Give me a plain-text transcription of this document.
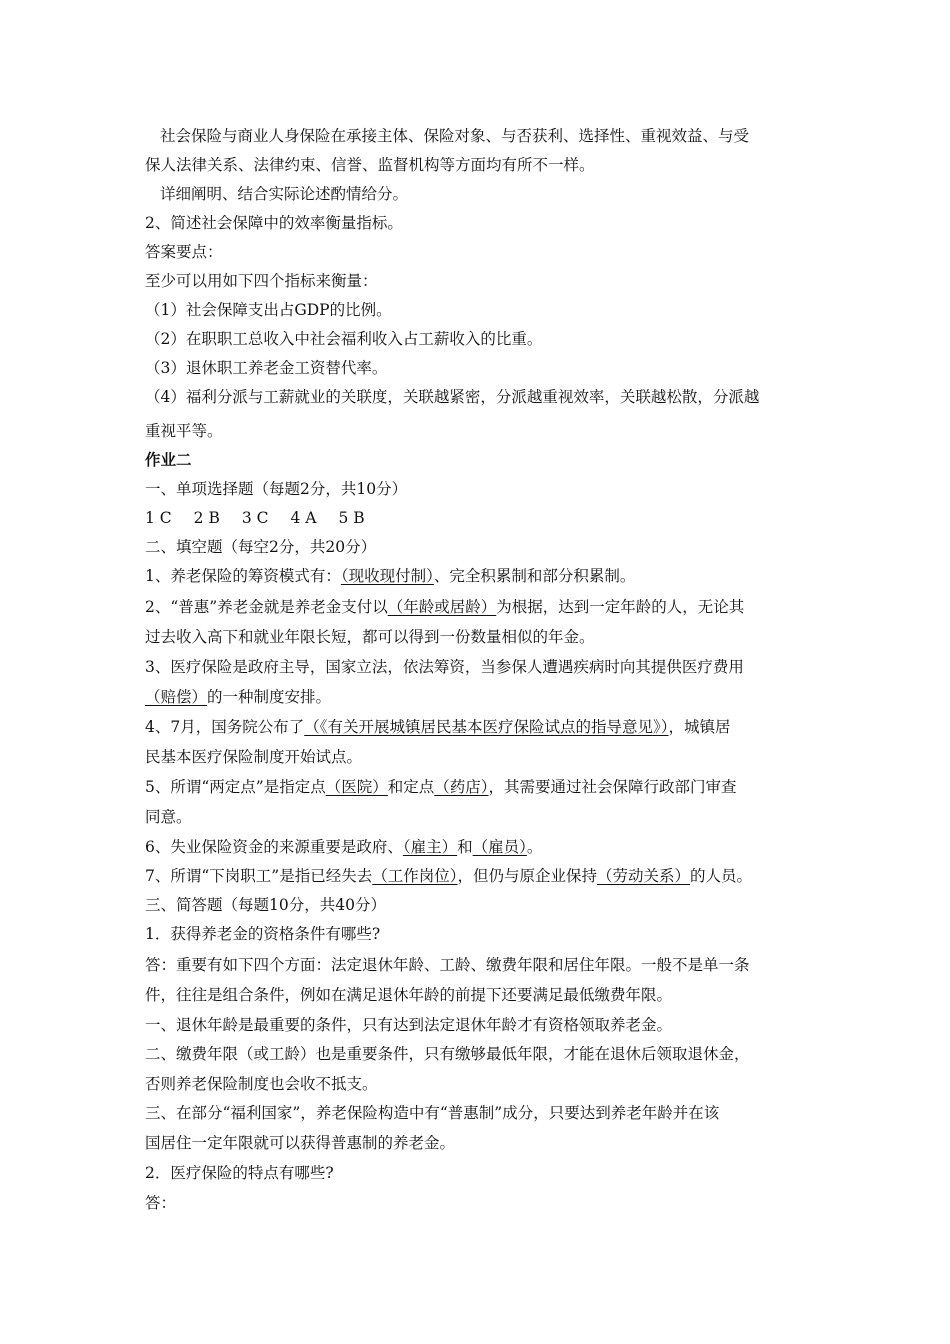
社会保险与商业人身保险在承接主体、保险对象、与否获利、选择性、重视效益、与受
保人法律关系、法律约束、信誉、监督机构等方面均有所不一样。
详细阐明、结合实际论述酌情给分。
2、简述社会保障中的效率衡量指标。
答案要点：
至少可以用如下四个指标来衡量：
（1）社会保障支出占GDP的比例。
（2）在职职工总收入中社会福利收入占工薪收入的比重。
（3）退休职工养老金工资替代率。
（4）福利分派与工薪就业的关联度，关联越紧密，分派越重视效率，关联越松散，分派越
重视平等。
作业二
一、单项选择题（每题2分，共10分）
1 C 2 B 3 C 4 A 5 B
二、填空题（每空2分，共20分）
1、养老保险的筹资模式有：（现收现付制）、完全积累制和部分积累制。
2、“普惠”养老金就是养老金支付以（年龄或居龄）为根据，达到一定年龄的人，无论其
过去收入高下和就业年限长短，都可以得到一份数量相似的年金。
3、医疗保险是政府主导，国家立法，依法筹资，当参保人遭遇疾病时向其提供医疗费用
（赔偿）的一种制度安排。
4、7月，国务院公布了（《有关开展城镇居民基本医疗保险试点的指导意见》），城镇居
民基本医疗保险制度开始试点。
5、所谓“两定点”是指定点（医院）和定点（药店），其需要通过社会保障行政部门审查
同意。
6、失业保险资金的来源重要是政府、（雇主）和（雇员）。
7、所谓“下岗职工”是指已经失去（工作岗位），但仍与原企业保持（劳动关系）的人员。
三、简答题（每题10分，共40分）
1．获得养老金的资格条件有哪些?
答：重要有如下四个方面：法定退休年龄、工龄、缴费年限和居住年限。一般不是单一条
件，往往是组合条件，例如在满足退休年龄的前提下还要满足最低缴费年限。
一、退休年龄是最重要的条件，只有达到法定退休年龄才有资格领取养老金。
二、缴费年限（或工龄）也是重要条件，只有缴够最低年限，才能在退休后领取退休金，
否则养老保险制度也会收不抵支。
三、在部分“福利国家”，养老保险构造中有“普惠制”成分，只要达到养老年龄并在该
国居住一定年限就可以获得普惠制的养老金。
2．医疗保险的特点有哪些?
答：
